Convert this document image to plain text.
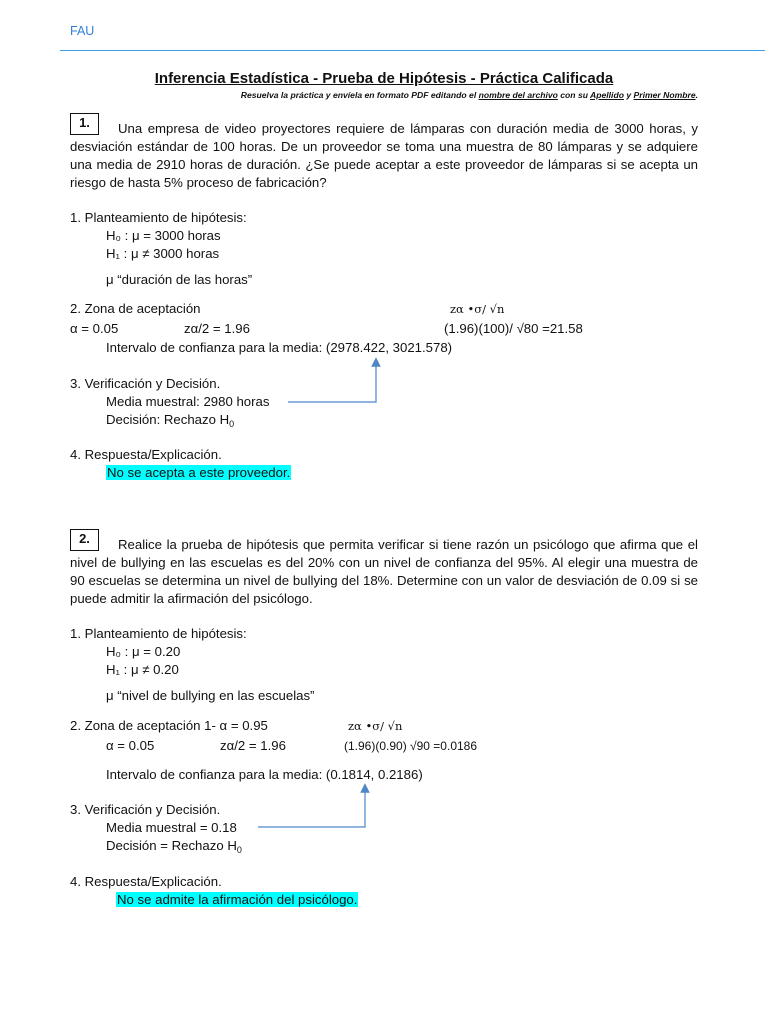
FAU
Inferencia Estadística - Prueba de Hipótesis - Práctica Calificada
Resuelva la práctica y envíela en formato PDF editando el nombre del archivo con su Apellido y Primer Nombre.
1.	Una empresa de video proyectores requiere de lámparas con duración media de 3000 horas, y desviación estándar de 100 horas. De un proveedor se toma una muestra de 80 lámparas y se adquiere una media de 2910 horas de duración. ¿Se puede aceptar a este proveedor de lámparas si se acepta un riesgo de hasta 5% proceso de fabricación?
1. Planteamiento de hipótesis:
H₀ : μ = 3000 horas
H₁ : μ ≠ 3000 horas
μ “duración de las horas”
2. Zona de aceptación	zα •σ/ √n
α = 0.05	zα/2 = 1.96	(1.96)(100)/ √80 =21.58
Intervalo de confianza para la media: (2978.422, 3021.578)
3. Verificación y Decisión.
Media muestral: 2980 horas
Decisión: Rechazo $H_0$
4. Respuesta/Explicación.
No se acepta a este proveedor.
2.	Realice la prueba de hipótesis que permita verificar si tiene razón un psicólogo que afirma que el nivel de bullying en las escuelas es del 20% con un nivel de confianza del 95%. Al elegir una muestra de 90 escuelas se determina un nivel de bullying del 18%. Determine con un valor de desviación de 0.09 si se puede admitir la afirmación del psicólogo.
1. Planteamiento de hipótesis:
H₀ : μ = 0.20
H₁ : μ ≠ 0.20
μ “nivel de bullying en las escuelas”
2. Zona de aceptación 1- α = 0.95	zα •σ/ √n
α = 0.05	zα/2 = 1.96	(1.96)(0.90) √90 =0.0186
Intervalo de confianza para la media: (0.1814, 0.2186)
3. Verificación y Decisión.
Media muestral = 0.18
Decisión = Rechazo $H_0$
4. Respuesta/Explicación.
No se admite la afirmación del psicólogo.
